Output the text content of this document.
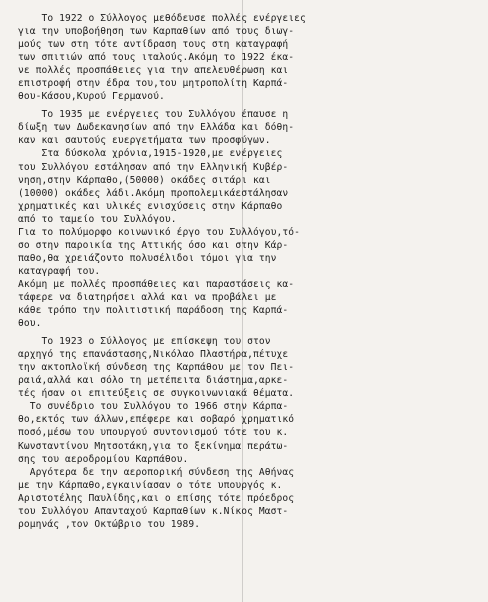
Το 1922 ο Σύλλογος μεθόδευσε πολλές ενέργειες
για την υποβοήθηση των Καρπαθίων από τους διωγ-
μούς των στη τότε αντίδραση τους στη καταγραφή
των σπιτιών από τους ιταλούς.Ακόμη το 1922 έκα-
νε πολλές προσπάθειες για την απελευθέρωση και
επιστροφή στην έδρα του,του μητροπολίτη Καρπά-
θου-Κάσου,Κυρού Γερμανού.
Το 1935 με ενέργειες του Συλλόγου έπαυσε η
δίωξη των Δωδεκανησίων από την Ελλάδα και δόθη-
καν και σαυτούς ευεργετήματα των προσφύγων.
Στα δύσκολα χρόνια,1915-1920,με ενέργειες
του Συλλόγου εστάλησαν από την Ελληνική Κυβέρ-
νηση,στην Κάρπαθο,(50000) οκάδες σιτάρι και
(10000) οκάδες λάδι.Ακόμη προπολεμικάεστάλησαν
χρηματικές και υλικές ενισχύσεις στην Κάρπαθο
από το ταμείο του Συλλόγου.
Για το πολύμορφο κοινωνικό έργο του Συλλόγου,τό-
σο στην παροικία της Αττικής όσο και στην Κάρ-
παθο,θα χρειάζοντο πολυσέλιδοι τόμοι για την
καταγραφή του.
Ακόμη με πολλές προσπάθειες και παραστάσεις κα-
τάφερε να διατηρήσει αλλά και να προβάλει με
κάθε τρόπο την πολιτιστική παράδοση της Καρπά-
θου.
Το 1923 ο Σύλλογος με επίσκεψη του στον
αρχηγό της επανάστασης,Νικόλαο Πλαστήρα,πέτυχε
την ακτοπλοϊκή σύνδεση της Καρπάθου με τον Πει-
ραιά,αλλά και σόλο τη μετέπειτα διάστημα,αρκε-
τές ήσαν οι επιτεύξεις σε συγκοινωνιακά θέματα.
Το συνέδριο του Συλλόγου το 1966 στην Κάρπα-
θο,εκτός των άλλων,επέφερε και σοβαρό χρηματικό
ποσό,μέσω του υπουργού συντονισμού τότε του κ.
Κωνσταντίνου Μητσοτάκη,για το ξεκίνημα περάτω-
σης του αεροδρομίου Καρπάθου.
Αργότερα δε την αεροπορική σύνδεση της Αθήνας
με την Κάρπαθο,εγκαινίασαν ο τότε υπουργός κ.
Αριστοτέλης Παυλίδης,και ο επίσης τότε πρόεδρος
του Συλλόγου Απανταχού Καρπαθίων κ.Νίκος Μαστ-
ρομηνάς ,τον Οκτώβριο του 1989.
